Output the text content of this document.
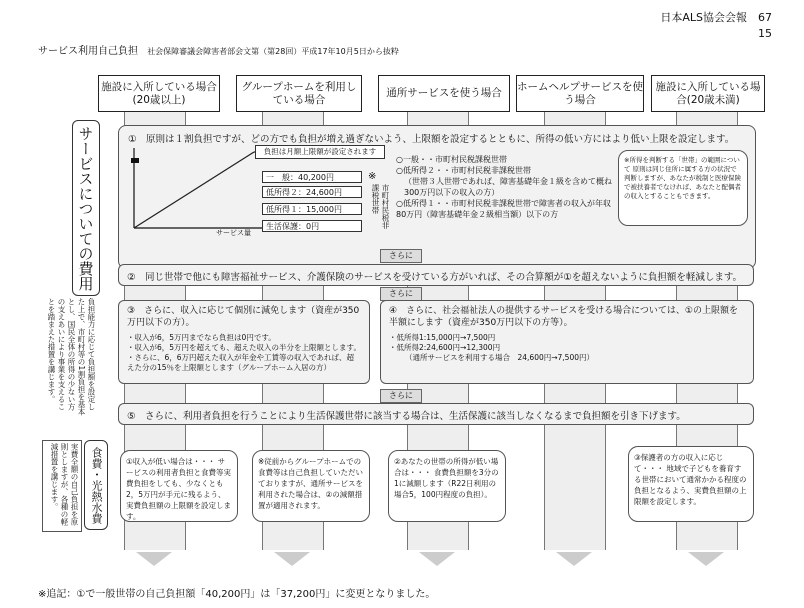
日本ALS協会会報　67
15
サービス利用自己負担 社会保障審議会障害者部会文第（第28回）平成17年10月5日から抜粋
施設に入所している場合(20歳以上)
グループホームを利用している場合
通所サービスを使う場合
ホームヘルプサービスを使う場合
施設に入所している場合(20歳未満)
サービスについての費用
負担能力に応じて負担額を設定した上で、市町村等の1割負担を基本とし、国民全体の所得の少ない方の支えあいにより事業を支えることを踏まえた措置を講じます。
食費・光熱水費
実費全額の自己負担を原則としますが、各種の軽減措置を講じます。
①　原則は１割負担ですが、どの方でも負担が増え過ぎないよう、上限額を設定するとともに、所得の低い方にはより低い上限を設定します。
負担は月額上限額が設定されます
一　般：40,200円	※
低所得２：24,600円
低所得１：15,000円
生活保護：0円
サービス量
市町村民税非課税世帯
○一般・・市町村民税課税世帯
○低所得２・・市町村民税非課税世帯
（世帯３人世帯であれば、障害基礎年金１級を含めて概ね300万円以下の収入の方）
○低所得１・・市町村民税非課税世帯で障害者の収入が年収80万円（障害基礎年金２級相当額）以下の方
※所得を判断する「世帯」の範囲について 原則は同じ住所に属する方の状況で判断しますが、あなたが税制と医療保険で被扶養者でなければ、あなたと配偶者の収入とすることもできます。
さらに
②　同じ世帯で他にも障害福祉サービス、介護保険のサービスを受けている方がいれば、その合算額が①を超えないように負担額を軽減します。
さらに
③　さらに、収入に応じて個別に減免します（資産が350万円以下の方）。
・収入が6，5万円までなら負担は0円です。
・収入が6，5万円を超えても、超えた収入の半分を上限額とします。
・さらに、6，6万円超えた収入が年金や工賃等の収入であれば、超えた分の15％を上限額とします（グループホーム入居の方）
④　さらに、社会福祉法人の提供するサービスを受ける場合については、①の上限額を半額にします（資産が350万円以下の方等）。
・低所得1:15,000円→7,500円
・低所得2:24,600円→12,300円
（通所サービスを利用する場合　24,600円→7,500円）
さらに
⑤　さらに、利用者負担を行うことにより生活保護世帯に該当する場合は、生活保護に該当しなくなるまで負担額を引き下げます。
①収入が低い場合は・・・ サービスの利用者負担と食費等実費負担をしても、少なくとも2，5万円が手元に残るよう、実費負担額の上限額を設定します。
※従前からグループホームでの食費等は自己負担していただいておりますが、通所サービスを利用された場合は、②の減額措置が適用されます。
②あなたの世帯の所得が低い場合は・・・ 食費負担額を3分の1に減額します（R22日利用の場合5，100円程度の負担）。
③保護者の方の収入に応じて・・・ 地域で子どもを養育する世帯において通常かかる程度の負担となるよう、実費負担額の上限額を設定します。
※追記：①で一般世帯の自己負担額「40,200円」は「37,200円」に変更となりました。
